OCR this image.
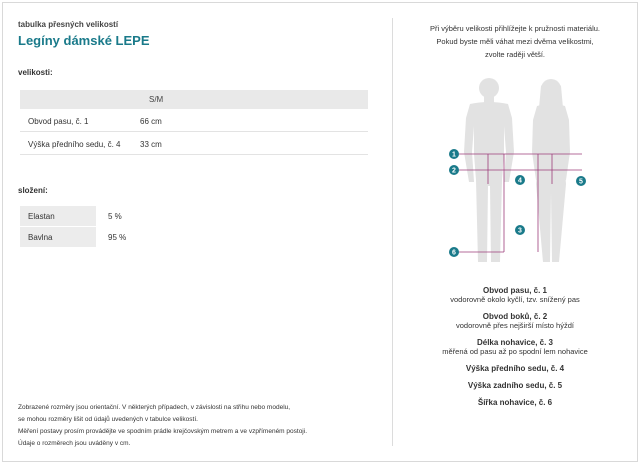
tabulka přesných velikostí
Legíny dámské LEPE
velikosti:
S/M
Obvod pasu, č. 1	66 cm
Výška předního sedu, č. 4 33 cm
složení:
Elastan	5 %
Bavlna	95 %
Zobrazené rozměry jsou orientační. V některých případech, v závislosti na střihu nebo modelu,
se mohou rozměry lišit od údajů uvedených v tabulce velikostí.
Měření postavy prosím provádějte ve spodním prádle krejčovským metrem a ve vzpřímeném postoji.
Údaje o rozměrech jsou uváděny v cm.
Při výběru velikosti přihlížejte k pružnosti materiálu.
Pokud byste měli váhat mezi dvěma velikostmi,
zvolte raději větší.
1
2
3
4	5
6
Obvod pasu, č. 1
vodorovně okolo kyčlí, tzv. snížený pas
Obvod boků, č. 2
vodorovně přes nejširší místo hýždí
Délka nohavice, č. 3
měřená od pasu až po spodní lem nohavice
Výška předního sedu, č. 4
Výška zadního sedu, č. 5
Šířka nohavice, č. 6
